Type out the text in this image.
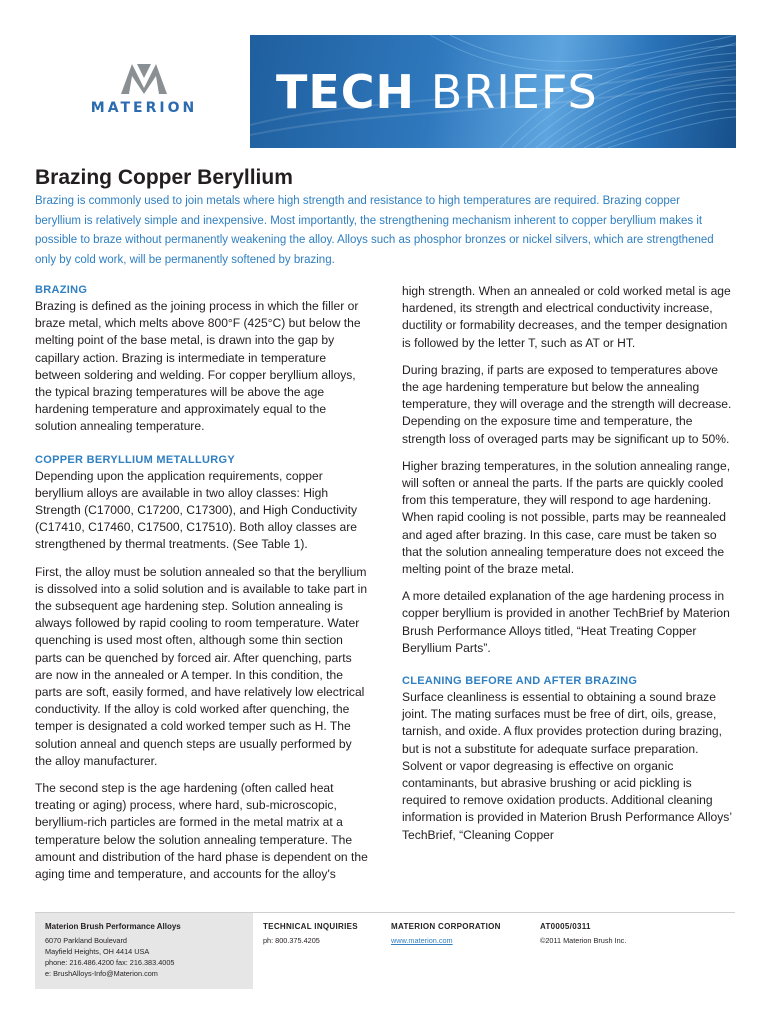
MATERION TECH BRIEFS
Brazing Copper Beryllium

Brazing is commonly used to join metals where high strength and resistance to high temperatures are required. Brazing copper beryllium is relatively simple and inexpensive. Most importantly, the strengthening mechanism inherent to copper beryllium makes it possible to braze without permanently weakening the alloy. Alloys such as phosphor bronzes or nickel silvers, which are strengthened only by cold work, will be permanently softened by brazing.

BRAZING

Brazing is defined as the joining process in which the filler or braze metal, which melts above 800°F (425°C) but below the melting point of the base metal, is drawn into the gap by capillary action. Brazing is intermediate in temperature between soldering and welding. For copper beryllium alloys, the typical brazing temperatures will be above the age hardening temperature and approximately equal to the solution annealing temperature.

COPPER BERYLLIUM METALLURGY

Depending upon the application requirements, copper beryllium alloys are available in two alloy classes: High Strength (C17000, C17200, C17300), and High Conductivity (C17410, C17460, C17500, C17510). Both alloy classes are strengthened by thermal treatments. (See Table 1).

First, the alloy must be solution annealed so that the beryllium is dissolved into a solid solution and is available to take part in the subsequent age hardening step. Solution annealing is always followed by rapid cooling to room temperature. Water quenching is used most often, although some thin section parts can be quenched by forced air. After quenching, parts are now in the annealed or A temper. In this condition, the parts are soft, easily formed, and have relatively low electrical conductivity. If the alloy is cold worked after quenching, the temper is designated a cold worked temper such as H. The solution anneal and quench steps are usually performed by the alloy manufacturer.

The second step is the age hardening (often called heat treating or aging) process, where hard, sub-microscopic, beryllium-rich particles are formed in the metal matrix at a temperature below the solution annealing temperature. The amount and distribution of the hard phase is dependent on the aging time and temperature, and accounts for the alloy's

high strength. When an annealed or cold worked metal is age hardened, its strength and electrical conductivity increase, ductility or formability decreases, and the temper designation is followed by the letter T, such as AT or HT.

During brazing, if parts are exposed to temperatures above the age hardening temperature but below the annealing temperature, they will overage and the strength will decrease. Depending on the exposure time and temperature, the strength loss of overaged parts may be significant up to 50%.

Higher brazing temperatures, in the solution annealing range, will soften or anneal the parts. If the parts are quickly cooled from this temperature, they will respond to age hardening. When rapid cooling is not possible, parts may be reannealed and aged after brazing. In this case, care must be taken so that the solution annealing temperature does not exceed the melting point of the braze metal.

A more detailed explanation of the age hardening process in copper beryllium is provided in another TechBrief by Materion Brush Performance Alloys titled, “Heat Treating Copper Beryllium Parts”.

CLEANING BEFORE AND AFTER BRAZING

Surface cleanliness is essential to obtaining a sound braze joint. The mating surfaces must be free of dirt, oils, grease, tarnish, and oxide. A flux provides protection during brazing, but is not a substitute for adequate surface preparation. Solvent or vapor degreasing is effective on organic contaminants, but abrasive brushing or acid pickling is required to remove oxidation products. Additional cleaning information is provided in Materion Brush Performance Alloys’ TechBrief, “Cleaning Copper

Materion Brush Performance Alloys
6070 Parkland Boulevard
Mayfield Heights, OH 4414 USA
phone: 216.486.4200 fax: 216.383.4005
e: BrushAlloys-Info@Materion.com
TECHNICAL INQUIRIES
ph: 800.375.4205
MATERION CORPORATION
www.materion.com
AT0005/0311
©2011 Materion Brush Inc.
